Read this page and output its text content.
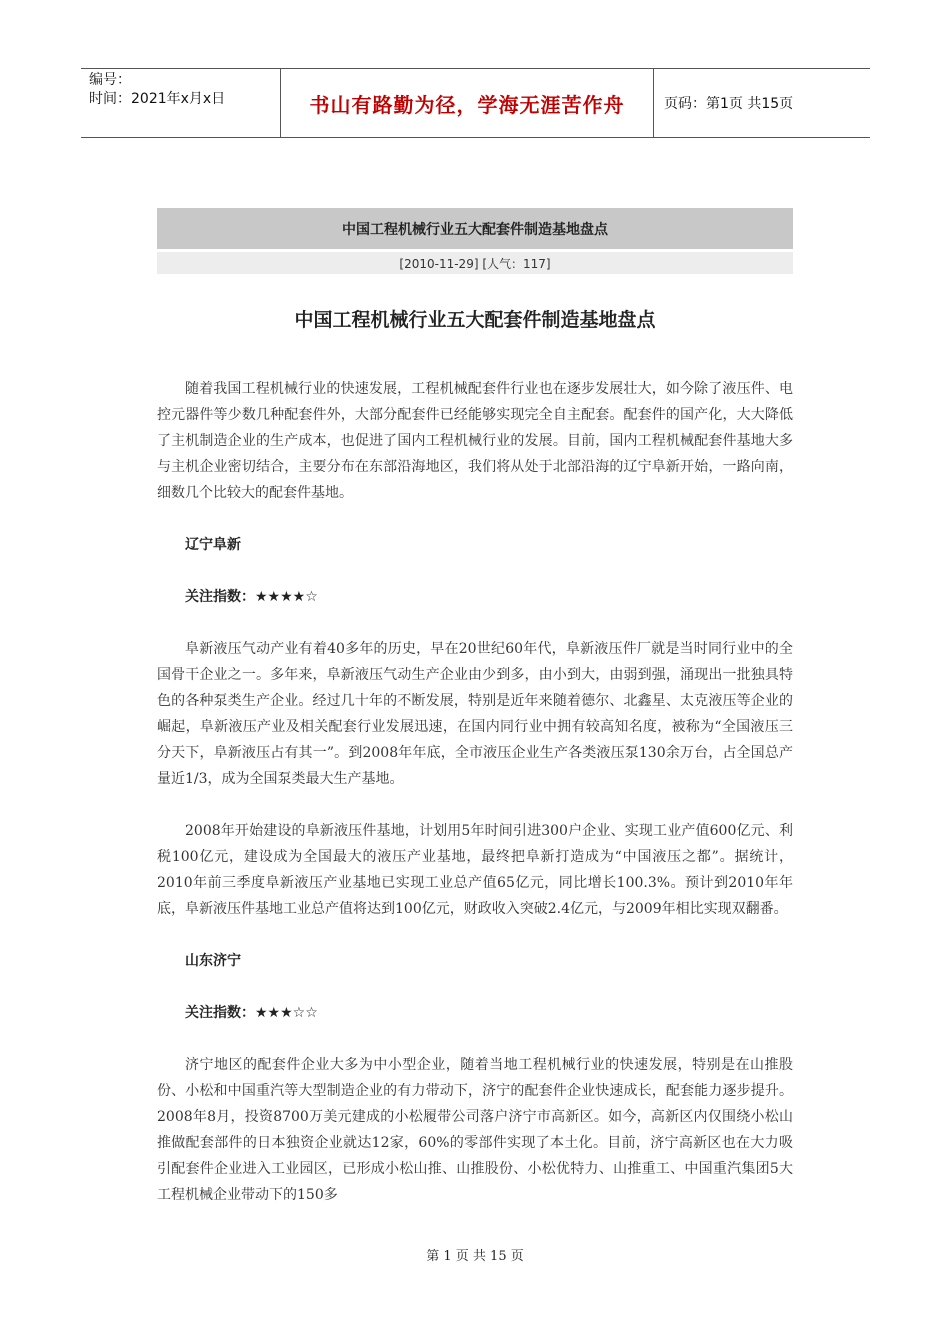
编号：
时间：2021年x月x日	书山有路勤为径，学海无涯苦作舟	页码：第1页 共15页
中国工程机械行业五大配套件制造基地盘点
[2010-11-29] [人气：117]
中国工程机械行业五大配套件制造基地盘点

随着我国工程机械行业的快速发展，工程机械配套件行业也在逐步发展壮大，如今除了液压件、电控元器件等少数几种配套件外，大部分配套件已经能够实现完全自主配套。配套件的国产化，大大降低了主机制造企业的生产成本，也促进了国内工程机械行业的发展。目前，国内工程机械配套件基地大多与主机企业密切结合，主要分布在东部沿海地区，我们将从处于北部沿海的辽宁阜新开始，一路向南，细数几个比较大的配套件基地。

辽宁阜新

关注指数：★★★★☆

阜新液压气动产业有着40多年的历史，早在20世纪60年代，阜新液压件厂就是当时同行业中的全国骨干企业之一。多年来，阜新液压气动生产企业由少到多，由小到大，由弱到强，涌现出一批独具特色的各种泵类生产企业。经过几十年的不断发展，特别是近年来随着德尔、北鑫星、太克液压等企业的崛起，阜新液压产业及相关配套行业发展迅速，在国内同行业中拥有较高知名度，被称为“全国液压三分天下，阜新液压占有其一”。到2008年年底，全市液压企业生产各类液压泵130余万台，占全国总产量近1/3，成为全国泵类最大生产基地。

2008年开始建设的阜新液压件基地，计划用5年时间引进300户企业、实现工业产值600亿元、利税100亿元，建设成为全国最大的液压产业基地，最终把阜新打造成为“中国液压之都”。据统计，2010年前三季度阜新液压产业基地已实现工业总产值65亿元，同比增长100.3%。预计到2010年年底，阜新液压件基地工业总产值将达到100亿元，财政收入突破2.4亿元，与2009年相比实现双翻番。

山东济宁

关注指数：★★★☆☆

济宁地区的配套件企业大多为中小型企业，随着当地工程机械行业的快速发展，特别是在山推股份、小松和中国重汽等大型制造企业的有力带动下，济宁的配套件企业快速成长，配套能力逐步提升。2008年8月，投资8700万美元建成的小松履带公司落户济宁市高新区。如今，高新区内仅围绕小松山推做配套部件的日本独资企业就达12家，60%的零部件实现了本土化。目前，济宁高新区也在大力吸引配套件企业进入工业园区，已形成小松山推、山推股份、小松优特力、山推重工、中国重汽集团5大工程机械企业带动下的150多

第 1 页 共 15 页
